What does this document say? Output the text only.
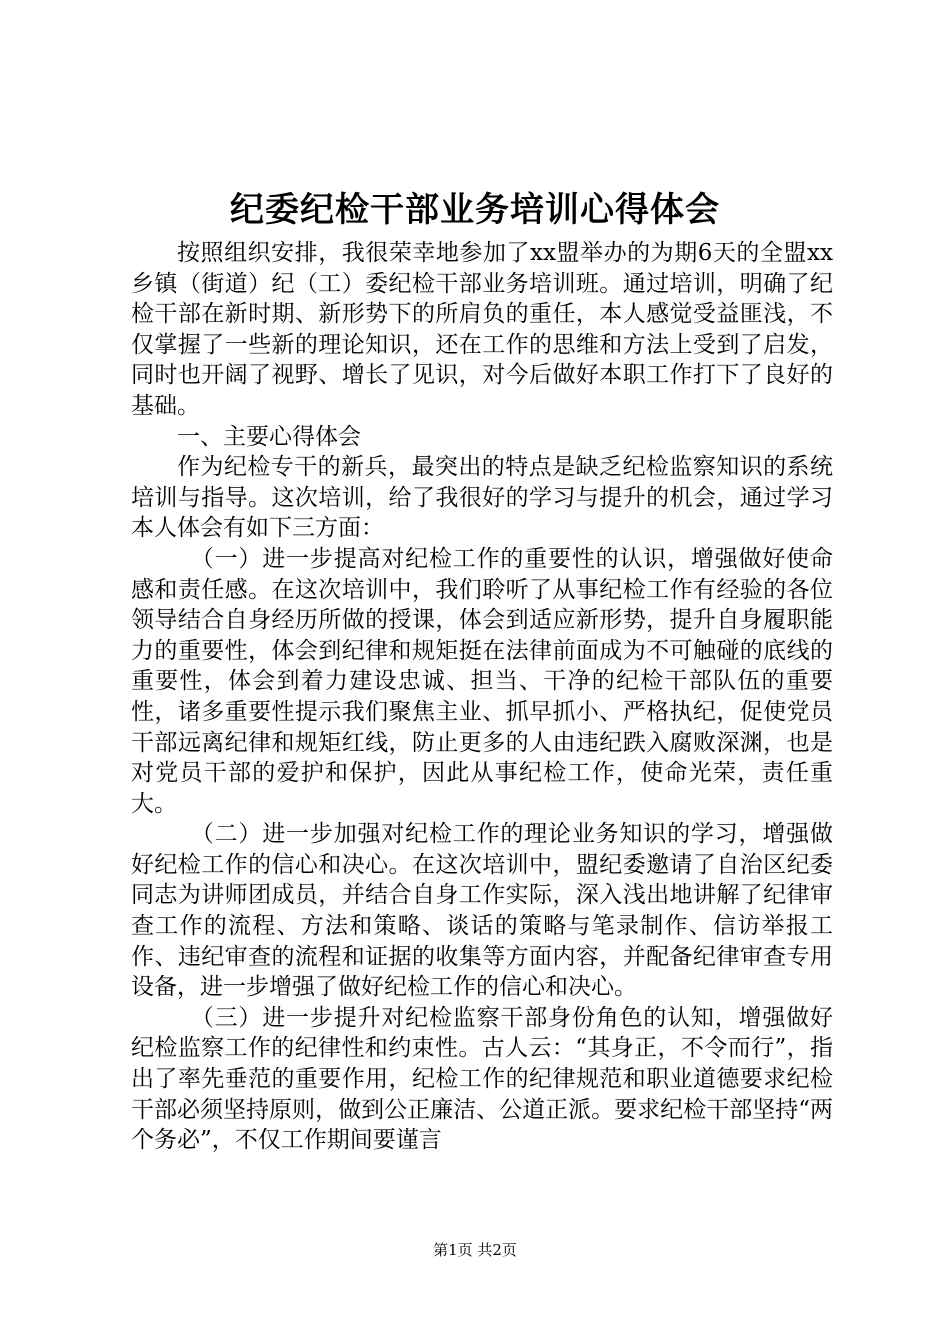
纪委纪检干部业务培训心得体会

按照组织安排，我很荣幸地参加了xx盟举办的为期6天的全盟xx乡镇（街道）纪（工）委纪检干部业务培训班。通过培训，明确了纪检干部在新时期、新形势下的所肩负的重任，本人感觉受益匪浅，不仅掌握了一些新的理论知识，还在工作的思维和方法上受到了启发，同时也开阔了视野、增长了见识，对今后做好本职工作打下了良好的基础。

一、主要心得体会

作为纪检专干的新兵，最突出的特点是缺乏纪检监察知识的系统培训与指导。这次培训，给了我很好的学习与提升的机会，通过学习本人体会有如下三方面：

（一）进一步提高对纪检工作的重要性的认识，增强做好使命感和责任感。在这次培训中，我们聆听了从事纪检工作有经验的各位领导结合自身经历所做的授课，体会到适应新形势，提升自身履职能力的重要性，体会到纪律和规矩挺在法律前面成为不可触碰的底线的重要性，体会到着力建设忠诚、担当、干净的纪检干部队伍的重要性，诸多重要性提示我们聚焦主业、抓早抓小、严格执纪，促使党员干部远离纪律和规矩红线，防止更多的人由违纪跌入腐败深渊，也是对党员干部的爱护和保护，因此从事纪检工作，使命光荣，责任重大。

（二）进一步加强对纪检工作的理论业务知识的学习，增强做好纪检工作的信心和决心。在这次培训中，盟纪委邀请了自治区纪委同志为讲师团成员，并结合自身工作实际，深入浅出地讲解了纪律审查工作的流程、方法和策略、谈话的策略与笔录制作、信访举报工作、违纪审查的流程和证据的收集等方面内容，并配备纪律审查专用设备，进一步增强了做好纪检工作的信心和决心。

（三）进一步提升对纪检监察干部身份角色的认知，增强做好纪检监察工作的纪律性和约束性。古人云：“其身正，不令而行”，指出了率先垂范的重要作用，纪检工作的纪律规范和职业道德要求纪检干部必须坚持原则，做到公正廉洁、公道正派。要求纪检干部坚持“两个务必”，不仅工作期间要谨言

第1页 共2页
